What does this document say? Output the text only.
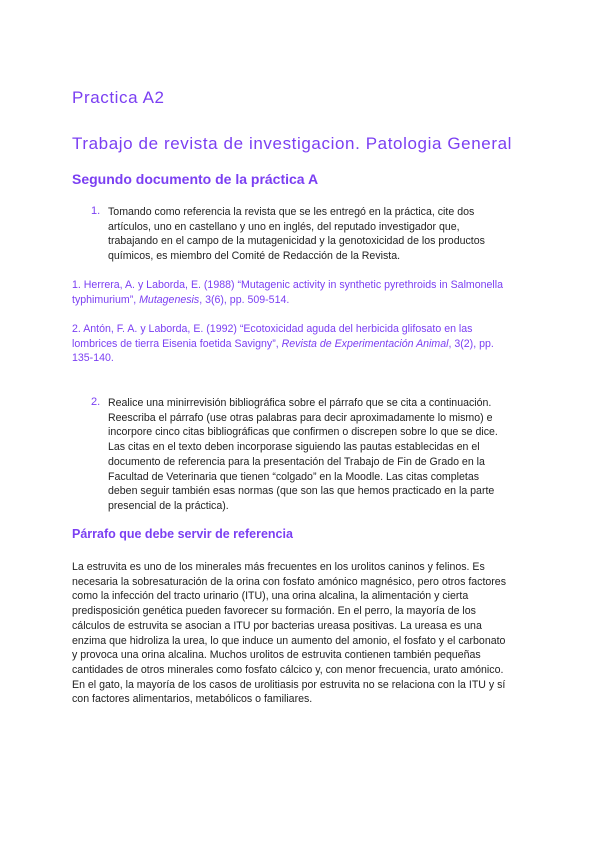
Practica A2
Trabajo de revista de investigacion. Patologia General
Segundo documento de la práctica A
1. Tomando como referencia la revista que se les entregó en la práctica, cite dos
artículos, uno en castellano y uno en inglés, del reputado investigador que,
trabajando en el campo de la mutagenicidad y la genotoxicidad de los productos
químicos, es miembro del Comité de Redacción de la Revista.
1. Herrera, A. y Laborda, E. (1988) “Mutagenic activity in synthetic pyrethroids in Salmonella
typhimurium”, Mutagenesis, 3(6), pp. 509-514.
2. Antón, F. A. y Laborda, E. (1992) “Ecotoxicidad aguda del herbicida glifosato en las
lombrices de tierra Eisenia foetida Savigny”, Revista de Experimentación Animal, 3(2), pp.
135-140.
2. Realice una minirrevisión bibliográfica sobre el párrafo que se cita a continuación.
Reescriba el párrafo (use otras palabras para decir aproximadamente lo mismo) e
incorpore cinco citas bibliográficas que confirmen o discrepen sobre lo que se dice.
Las citas en el texto deben incorporase siguiendo las pautas establecidas en el
documento de referencia para la presentación del Trabajo de Fin de Grado en la
Facultad de Veterinaria que tienen “colgado” en la Moodle. Las citas completas
deben seguir también esas normas (que son las que hemos practicado en la parte
presencial de la práctica).
Párrafo que debe servir de referencia
La estruvita es uno de los minerales más frecuentes en los urolitos caninos y felinos. Es
necesaria la sobresaturación de la orina con fosfato amónico magnésico, pero otros factores
como la infección del tracto urinario (ITU), una orina alcalina, la alimentación y cierta
predisposición genética pueden favorecer su formación. En el perro, la mayoría de los
cálculos de estruvita se asocian a ITU por bacterias ureasa positivas. La ureasa es una
enzima que hidroliza la urea, lo que induce un aumento del amonio, el fosfato y el carbonato
y provoca una orina alcalina. Muchos urolitos de estruvita contienen también pequeñas
cantidades de otros minerales como fosfato cálcico y, con menor frecuencia, urato amónico.
En el gato, la mayoría de los casos de urolitiasis por estruvita no se relaciona con la ITU y sí
con factores alimentarios, metabólicos o familiares.
